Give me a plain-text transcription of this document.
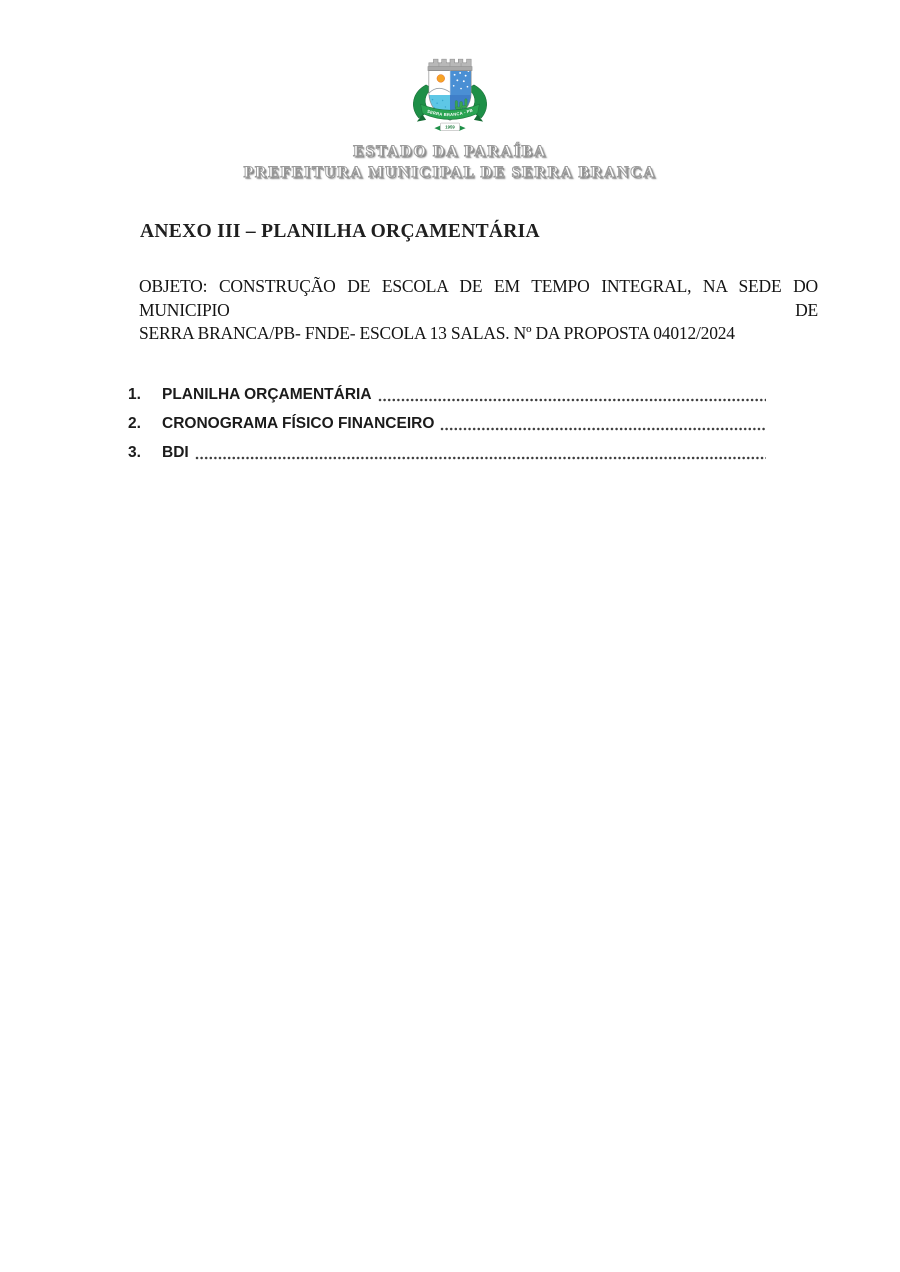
SERRA BRANCA - PB
1959
ESTADO DA PARAÍBA
PREFEITURA MUNICIPAL DE SERRA BRANCA
ANEXO III – PLANILHA ORÇAMENTÁRIA
OBJETO: CONSTRUÇÃO DE ESCOLA DE EM TEMPO INTEGRAL, NA SEDE DO MUNICIPIO DE
SERRA BRANCA/PB- FNDE- ESCOLA 13 SALAS. Nº DA PROPOSTA 04012/2024
1.	PLANILHA ORÇAMENTÁRIA
2.	CRONOGRAMA FÍSICO FINANCEIRO
3.	BDI
